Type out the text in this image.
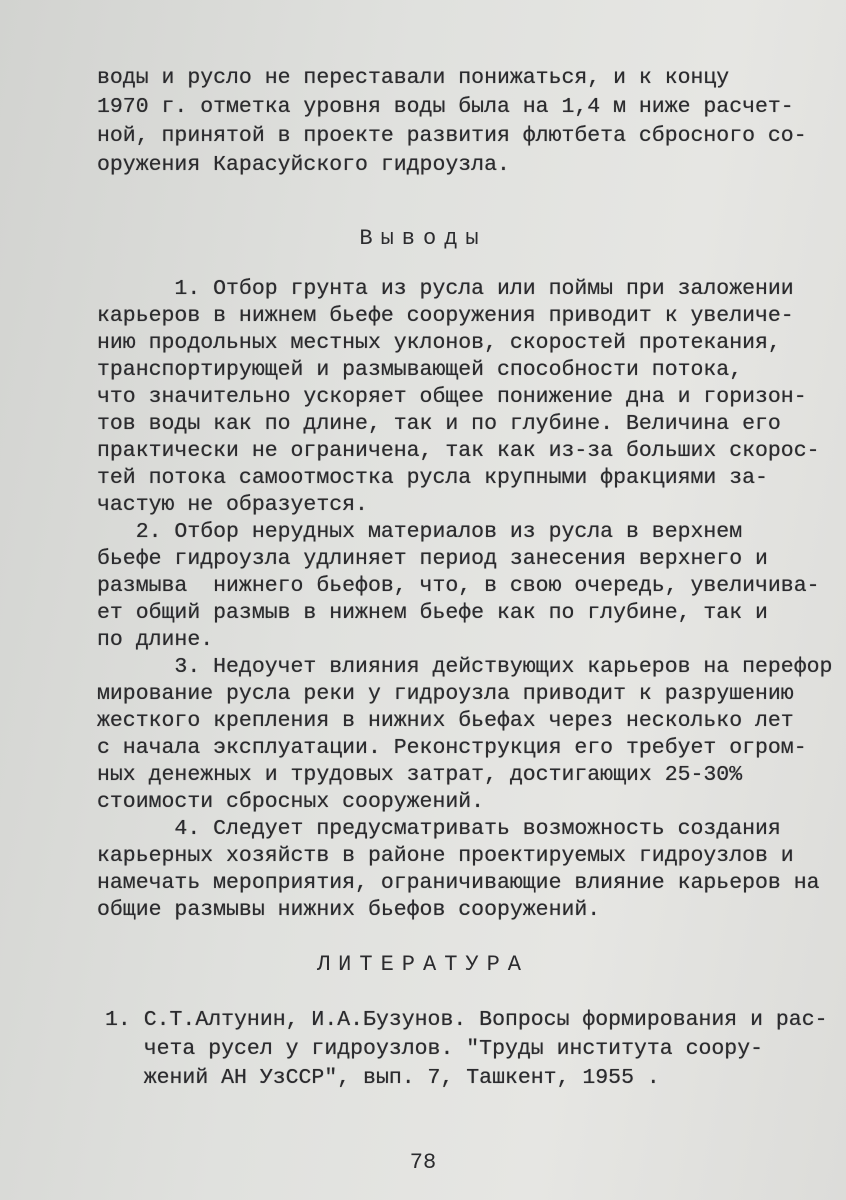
воды и русло не переставали понижаться, и к концу
1970 г. отметка уровня воды была на 1,4 м ниже расчет-
ной, принятой в проекте развития флютбета сбросного со-
оружения Карасуйского гидроузла.
Выводы
1. Отбор грунта из русла или поймы при заложении
карьеров в нижнем бьефе сооружения приводит к увеличе-
нию продольных местных уклонов, скоростей протекания,
транспортирующей и размывающей способности потока,
что значительно ускоряет общее понижение дна и горизон-
тов воды как по длине, так и по глубине. Величина его
практически не ограничена, так как из-за больших скорос-
тей потока самоотмостка русла крупными фракциями за-
частую не образуется.
2. Отбор нерудных материалов из русла в верхнем
бьефе гидроузла удлиняет период занесения верхнего и
размыва  нижнего бьефов, что, в свою очередь, увеличива-
ет общий размыв в нижнем бьефе как по глубине, так и
по длине.
3. Недоучет влияния действующих карьеров на перефор
мирование русла реки у гидроузла приводит к разрушению
жесткого крепления в нижних бьефах через несколько лет
с начала эксплуатации. Реконструкция его требует огром-
ных денежных и трудовых затрат, достигающих 25-30%
стоимости сбросных сооружений.
4. Следует предусматривать возможность создания
карьерных хозяйств в районе проектируемых гидроузлов и
намечать мероприятия, ограничивающие влияние карьеров на
общие размывы нижних бьефов сооружений.
ЛИТЕРАТУРА
1. С.Т.Алтунин, И.А.Бузунов. Вопросы формирования и рас-
чета русел у гидроузлов. "Труды института соору-
жений АН УзССР", вып. 7, Ташкент, 1955 .
78
